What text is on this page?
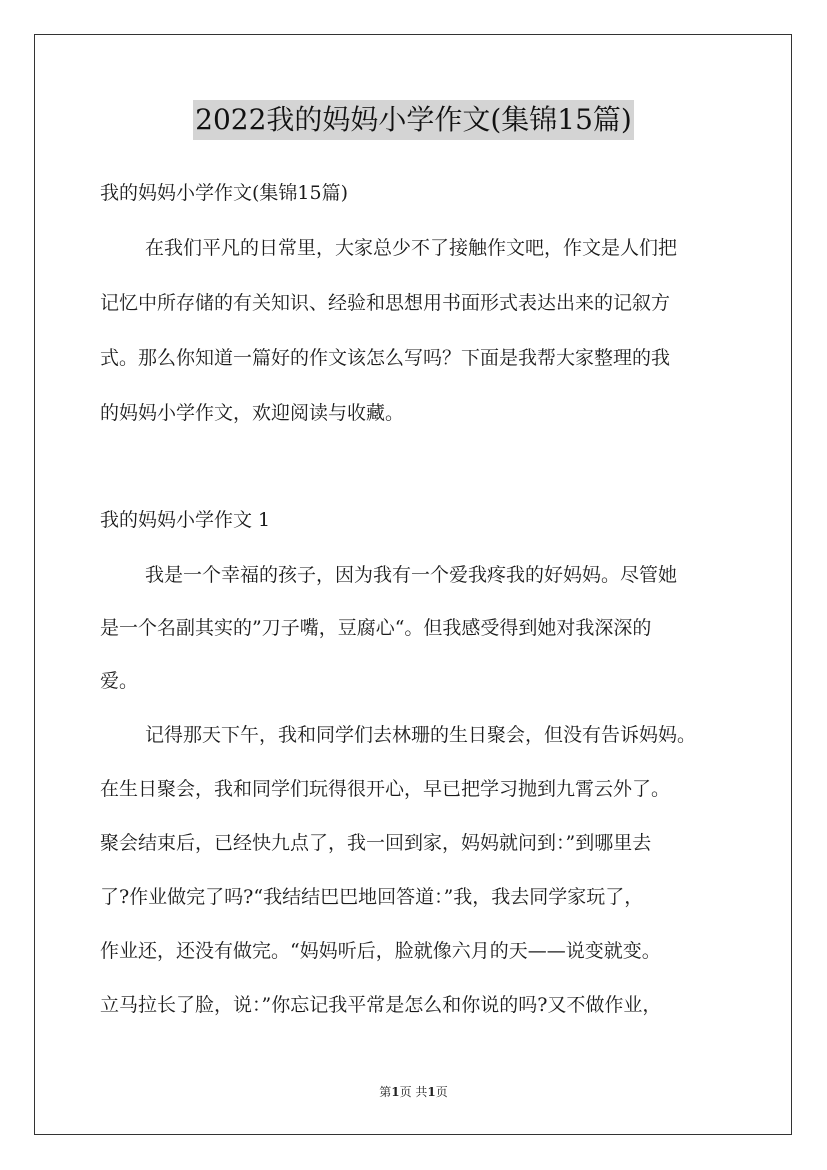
2022我的妈妈小学作文(集锦15篇)
我的妈妈小学作文(集锦15篇)
在我们平凡的日常里，大家总少不了接触作文吧，作文是人们把
记忆中所存储的有关知识、经验和思想用书面形式表达出来的记叙方
式。那么你知道一篇好的作文该怎么写吗？下面是我帮大家整理的我
的妈妈小学作文，欢迎阅读与收藏。
我的妈妈小学作文 1
我是一个幸福的孩子，因为我有一个爱我疼我的好妈妈。尽管她
是一个名副其实的”刀子嘴，豆腐心“。但我感受得到她对我深深的
爱。
记得那天下午，我和同学们去林珊的生日聚会，但没有告诉妈妈。
在生日聚会，我和同学们玩得很开心，早已把学习抛到九霄云外了。
聚会结束后，已经快九点了，我一回到家，妈妈就问到：”到哪里去
了?作业做完了吗?“我结结巴巴地回答道：”我，我去同学家玩了，
作业还，还没有做完。“妈妈听后，脸就像六月的天——说变就变。
立马拉长了脸，说：”你忘记我平常是怎么和你说的吗?又不做作业，
第1页 共1页
